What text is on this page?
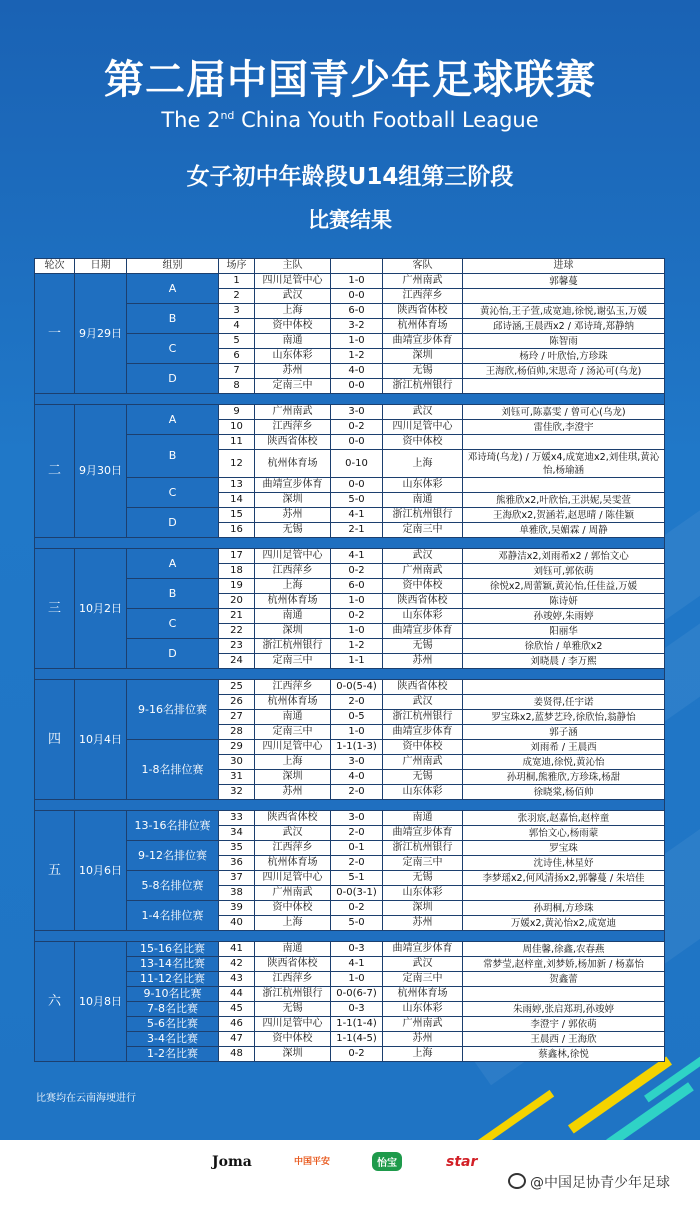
第二届中国青少年足球联赛
The 2nd China Youth Football League
女子初中年龄段U14组第三阶段
比赛结果
轮次	日期	组别	场序	主队		客队	进球
一	9月29日	A	1	四川足管中心	1-0	广州南武	郭馨蔓
			2	武汉	0-0	江西萍乡	
		B	3	上海	6-0	陕西省体校	黄沁怡,王子萱,成宽迪,徐悦,谢弘玉,万媛
			4	资中体校	3-2	杭州体育场	邱诗涵,王晨西x2 / 邓诗琦,郑静纳
		C	5	南通	1-0	曲靖宣步体育	陈智雨
			6	山东体彩	1-2	深圳	杨玲 / 叶欣怡,方珍珠
		D	7	苏州	4-0	无锡	王海欣,杨佰帅,宋思奇 / 汤沁可(乌龙)
			8	定南三中	0-0	浙江杭州银行	

二	9月30日	A	9	广州南武	3-0	武汉	刘钰可,陈嘉雯 / 曾可心(乌龙)
			10	江西萍乡	0-2	四川足管中心	雷佳欣,李澄宇
		B	11	陕西省体校	0-0	资中体校	
			12	杭州体育场	0-10	上海	邓诗琦(乌龙) / 万媛x4,成宽迪x2,刘佳琪,黄沁怡,杨瑜涵
		C	13	曲靖宣步体育	0-0	山东体彩	
			14	深圳	5-0	南通	熊雅欣x2,叶欣怡,王洪妮,吴雯萱
		D	15	苏州	4-1	浙江杭州银行	王海欣x2,贺涵若,赵思晴 / 陈佳颖
			16	无锡	2-1	定南三中	单雅欣,吴媚霖 / 周静

三	10月2日	A	17	四川足管中心	4-1	武汉	邓静洁x2,刘雨希x2 / 郭怡文心
			18	江西萍乡	0-2	广州南武	刘钰可,郭依萌
		B	19	上海	6-0	资中体校	徐悦x2,周蕾颖,黄沁怡,任佳益,万媛
			20	杭州体育场	1-0	陕西省体校	陈诗妍
		C	21	南通	0-2	山东体彩	孙竣婷,朱雨婷
			22	深圳	1-0	曲靖宣步体育	阳丽华
		D	23	浙江杭州银行	1-2	无锡	徐欣怡 / 单雅欣x2
			24	定南三中	1-1	苏州	刘晓晨 / 李万熙

四	10月4日	9-16名排位赛	25	江西萍乡	0-0(5-4)	陕西省体校	
			26	杭州体育场	2-0	武汉	姜贤得,任宇诺
			27	南通	0-5	浙江杭州银行	罗宝珠x2,蓝梦艺玲,徐欣怡,翁静怡
			28	定南三中	1-0	曲靖宣步体育	郭子涵
		1-8名排位赛	29	四川足管中心	1-1(1-3)	资中体校	刘雨希 / 王晨西
			30	上海	3-0	广州南武	成宽迪,徐悦,黄沁怡
			31	深圳	4-0	无锡	孙玥桐,熊雅欣,方珍珠,杨甜
			32	苏州	2-0	山东体彩	徐晓棠,杨佰帅

五	10月6日	13-16名排位赛	33	陕西省体校	3-0	南通	张羽宸,赵嘉怡,赵梓童
			34	武汉	2-0	曲靖宣步体育	郭怡文心,杨雨蒙
		9-12名排位赛	35	江西萍乡	0-1	浙江杭州银行	罗宝珠
			36	杭州体育场	2-0	定南三中	沈诗佳,林星妤
		5-8名排位赛	37	四川足管中心	5-1	无锡	李梦瑶x2,何风清扬x2,郭馨蔓 / 朱培佳
			38	广州南武	0-0(3-1)	山东体彩	
		1-4名排位赛	39	资中体校	0-2	深圳	孙玥桐,方珍珠
			40	上海	5-0	苏州	万媛x2,黄沁怡x2,成宽迪

六	10月8日	15-16名比赛	41	南通	0-3	曲靖宣步体育	周佳馨,徐鑫,农春燕
		13-14名比赛	42	陕西省体校	4-1	武汉	常梦莹,赵梓童,刘梦娇,杨加新 / 杨嘉怡
		11-12名比赛	43	江西萍乡	1-0	定南三中	贺鑫蕾
		9-10名比赛	44	浙江杭州银行	0-0(6-7)	杭州体育场	
		7-8名比赛	45	无锡	0-3	山东体彩	朱雨婷,张启郑玥,孙竣婷
		5-6名比赛	46	四川足管中心	1-1(1-4)	广州南武	李澄宇 / 郭依萌
		3-4名比赛	47	资中体校	1-1(4-5)	苏州	王晨西 / 王海欣
		1-2名比赛	48	深圳	0-2	上海	蔡鑫林,徐悦
比赛均在云南海埂进行
Joma	中国平安	怡宝	star
@中国足协青少年足球
